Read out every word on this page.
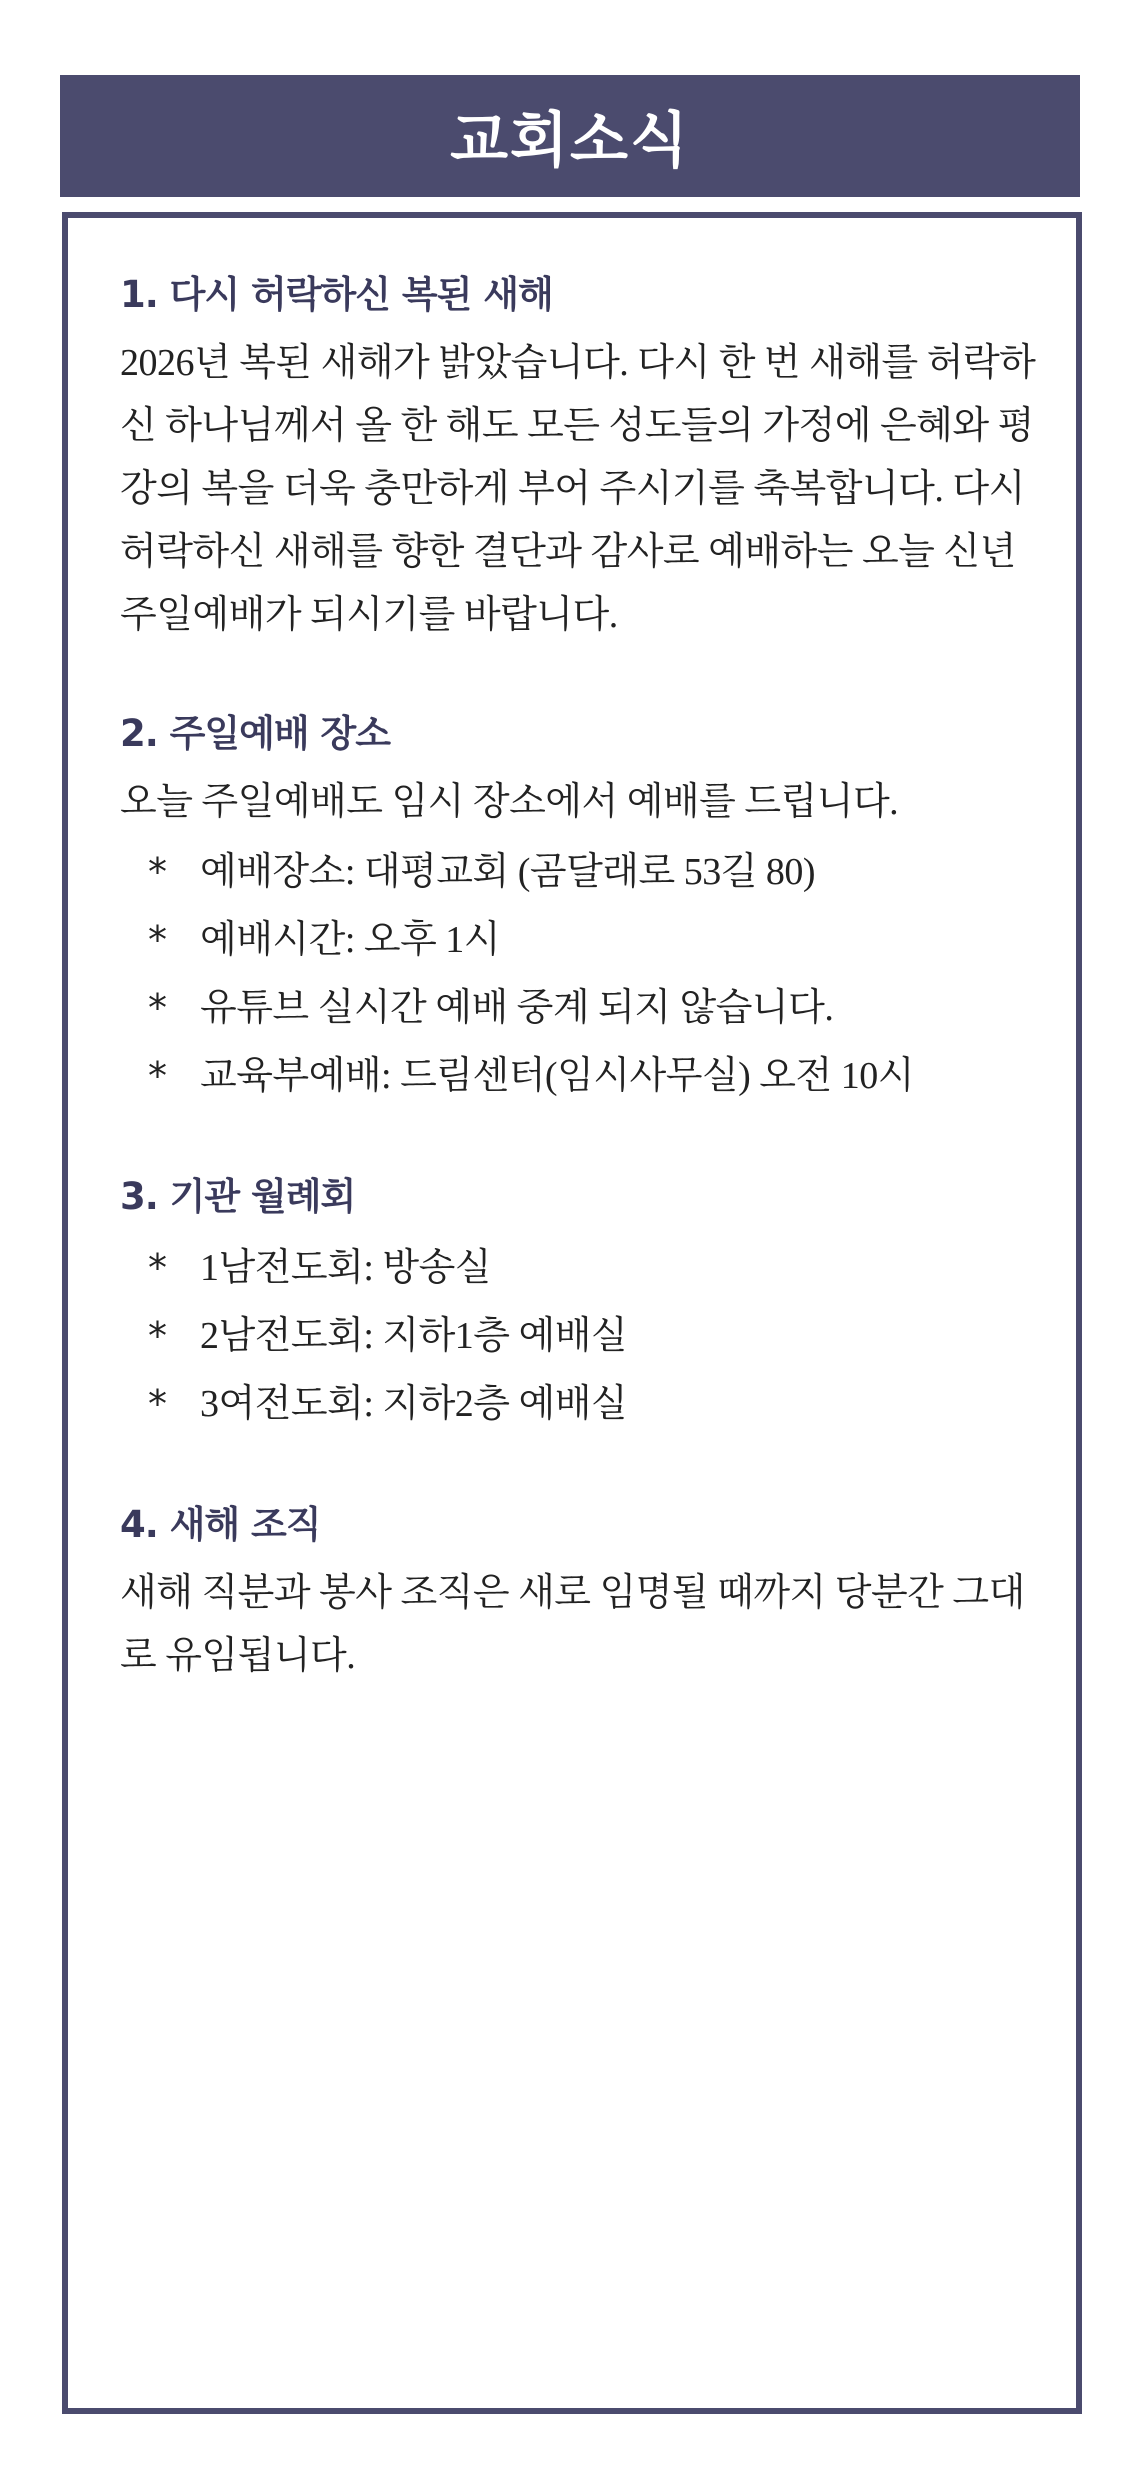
교회소식
1. 다시 허락하신 복된 새해

2026년 복된 새해가 밝았습니다. 다시 한 번 새해를 허락하신 하나님께서 올 한 해도 모든 성도들의 가정에 은혜와 평강의 복을 더욱 충만하게 부어 주시기를 축복합니다. 다시 허락하신 새해를 향한 결단과 감사로 예배하는 오늘 신년 주일예배가 되시기를 바랍니다.

2. 주일예배 장소

오늘 주일예배도 임시 장소에서 예배를 드립니다.

* 예배장소: 대평교회 (곰달래로 53길 80)
* 예배시간: 오후 1시
* 유튜브 실시간 예배 중계 되지 않습니다.
* 교육부예배: 드림센터(임시사무실) 오전 10시
3. 기관 월례회
* 1남전도회: 방송실
* 2남전도회: 지하1층 예배실
* 3여전도회: 지하2층 예배실
4. 새해 조직

새해 직분과 봉사 조직은 새로 임명될 때까지 당분간 그대로 유임됩니다.
